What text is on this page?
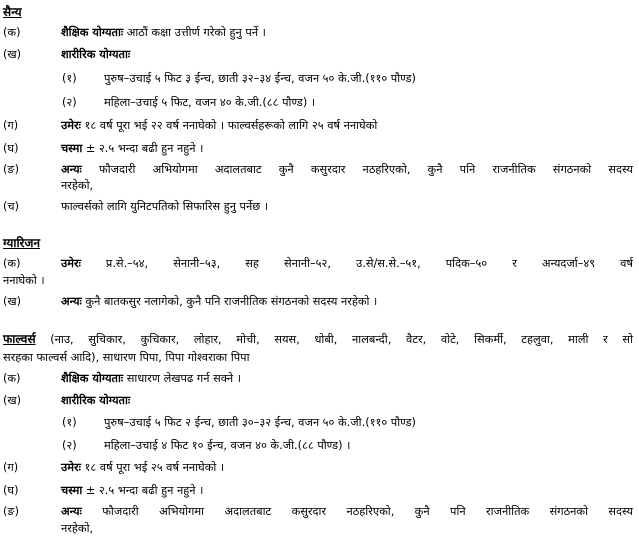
सैन्य
(क)	शैक्षिक योग्यताः आठौं कक्षा उत्तीर्ण गरेको हुनु पर्ने ।
(ख)	शारीरिक योग्यताः
(१)	पुरुष–उचाई ५ फिट ३ ईन्च, छाती ३२–३४ ईन्च, वजन ५० के.जी.(११० पौण्ड)
(२)	महिला–उचाई ५ फिट, वजन ४० के.जी.(८८ पौण्ड) ।
(ग)	उमेरः १८ वर्ष पूरा भई २२ वर्ष ननाघेको । फाल्वर्सहरूको लागि २५ वर्ष ननाघेको
(घ)	चस्मा ± २.५ भन्दा बढी हुन नहुने ।
(ङ)	अन्यः फौजदारी अभियोगमा अदालतबाट कुनै कसुरदार नठहरिएको, कुनै पनि राजनीतिक संगठनको सदस्य
नरहेको,
(च)	फाल्वर्सको लागि युनिटपतिको सिफारिस हुनु पर्नेछ ।
ग्यारिजन
(क)	उमेरः प्र.से.–५४, सेनानी–५३, सह सेनानी–५२, उ.से/स.से.–५१, पदिक–५० र अन्यदर्जा–४९ वर्ष
ननाघेको ।
(ख)	अन्यः कुनै बातकसुर नलागेको, कुनै पनि राजनीतिक संगठनको सदस्य नरहेको ।
फाल्वर्स (नाउ, सुचिकार, कुचिकार, लोहार, मोची, सयस, धोबी, नालबन्दी, वैटर, वोटे, सिकर्मी, टहलुवा, माली र सो
सरहका फाल्वर्स आदि), साधारण पिपा, पिपा गोश्वराका पिपा
(क)	शैक्षिक योग्यताः साधारण लेखपढ गर्न सक्ने ।
(ख)	शारीरिक योग्यताः
(१)	पुरुष–उचाई ५ फिट २ ईन्च, छाती ३०–३२ ईन्च, वजन ५० के.जी.(११० पौण्ड)
(२)	महिला–उचाई ४ फिट १० ईन्च, वजन ४० के.जी.(८८ पौण्ड) ।
(ग)	उमेरः १८ वर्ष पूरा भई २५ वर्ष ननाघेको ।
(घ)	चस्मा ± २.५ भन्दा बढी हुन नहुने ।
(ङ)	अन्यः फौजदारी अभियोगमा अदालतबाट कसुरदार नठहरिएको, कुनै पनि राजनीतिक संगठनको सदस्य
नरहेको,
